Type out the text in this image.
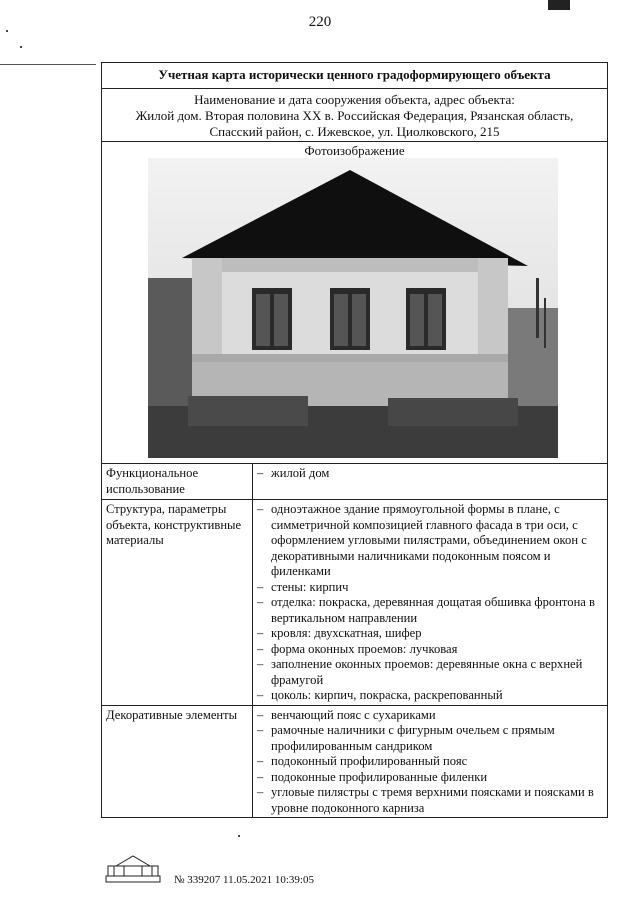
220
Учетная карта исторически ценного градоформирующего объекта
Наименование и дата сооружения объекта, адрес объекта:
Жилой дом. Вторая половина XX в. Российская Федерация, Рязанская область,
Спасский район, с. Ижевское, ул. Циолковского, 215
Фотоизображение
Функциональное использование
– жилой дом
Структура, параметры объекта, конструктивные материалы
– одноэтажное здание прямоугольной формы в плане, с симметричной композицией главного фасада в три оси, с оформлением угловыми пилястрами, объединением окон с декоративными наличниками подоконным поясом и филенками
– стены: кирпич
– отделка: покраска, деревянная дощатая обшивка фронтона в вертикальном направлении
– кровля: двухскатная, шифер
– форма оконных проемов: лучковая
– заполнение оконных проемов: деревянные окна с верхней фрамугой
– цоколь: кирпич, покраска, раскрепованный
Декоративные элементы	– венчающий пояс с сухариками
– рамочные наличники с фигурным очельем с прямым профилированным сандриком
– подоконный профилированный пояс
– подоконные профилированные филенки
– угловые пилястры с тремя верхними поясками и поясками в уровне подоконного карниза
№ 339207 11.05.2021 10:39:05
